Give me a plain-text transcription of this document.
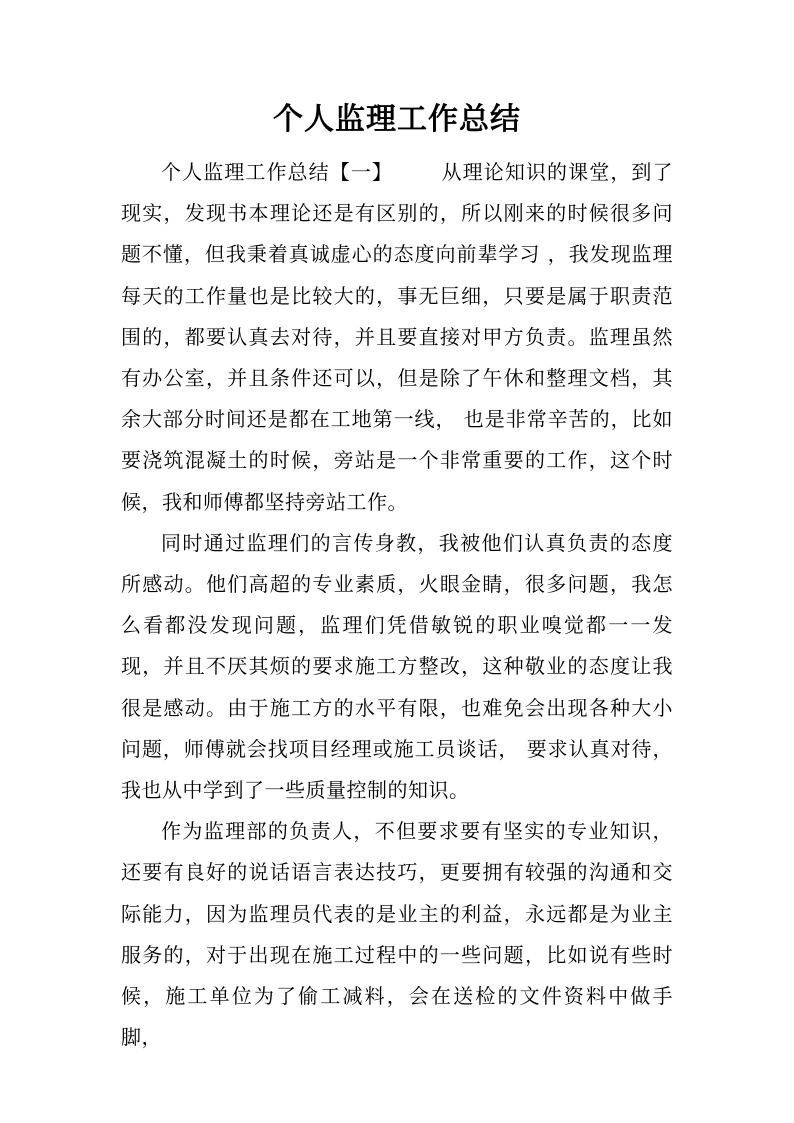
个人监理工作总结

个人监理工作总结【一】 从理论知识的课堂，到了现实，发现书本理论还是有区别的，所以刚来的时候很多问题不懂，但我秉着真诚虚心的态度向前辈学习 ，我发现监理每天的工作量也是比较大的，事无巨细，只要是属于职责范围的，都要认真去对待，并且要直接对甲方负责。监理虽然有办公室，并且条件还可以，但是除了午休和整理文档，其余大部分时间还是都在工地第一线， 也是非常辛苦的，比如要浇筑混凝土的时候，旁站是一个非常重要的工作，这个时候，我和师傅都坚持旁站工作。

同时通过监理们的言传身教，我被他们认真负责的态度所感动。他们高超的专业素质，火眼金睛，很多问题，我怎么看都没发现问题，监理们凭借敏锐的职业嗅觉都一一发现，并且不厌其烦的要求施工方整改，这种敬业的态度让我很是感动。由于施工方的水平有限，也难免会出现各种大小问题，师傅就会找项目经理或施工员谈话， 要求认真对待，我也从中学到了一些质量控制的知识。

作为监理部的负责人，不但要求要有坚实的专业知识，还要有良好的说话语言表达技巧，更要拥有较强的沟通和交际能力，因为监理员代表的是业主的利益，永远都是为业主服务的，对于出现在施工过程中的一些问题，比如说有些时候，施工单位为了偷工减料，会在送检的文件资料中做手脚，
